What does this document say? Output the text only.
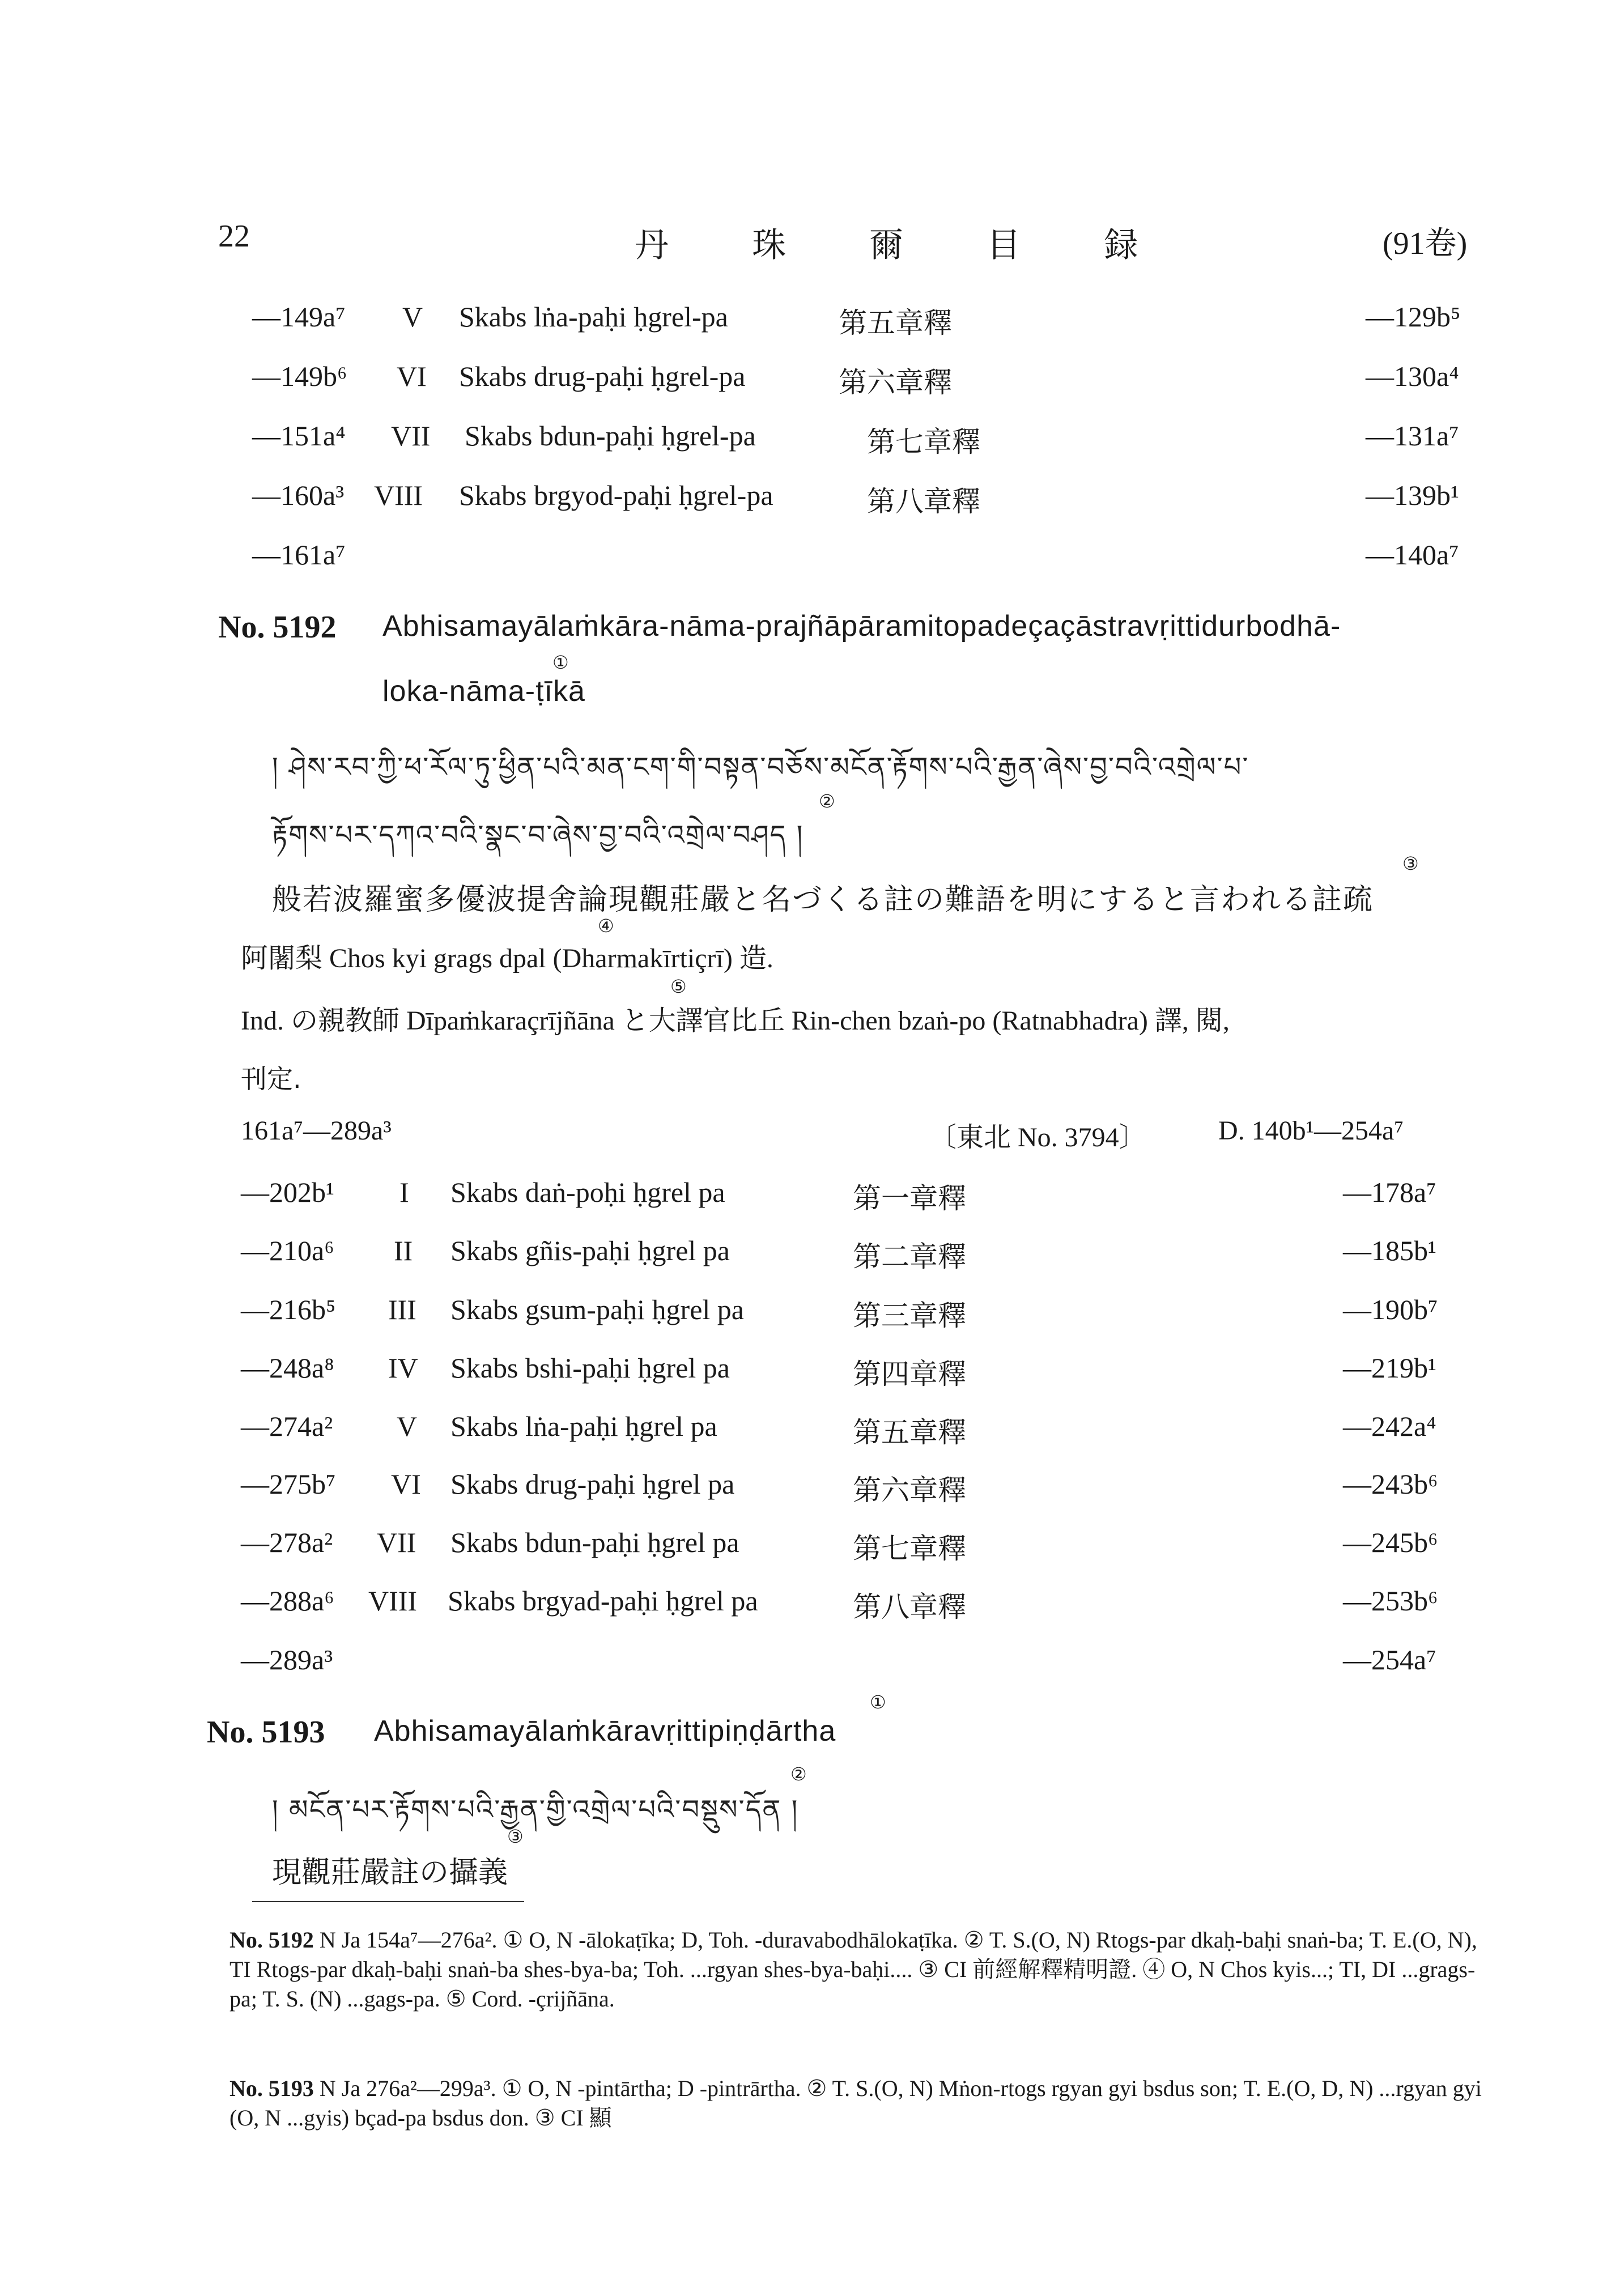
22	丹 珠 爾 目 録	(91卷)
—149a⁷ V Skabs lṅa-paḥi ḥgrel-pa	第五章釋	—129b⁵
—149b⁶ VI Skabs drug-paḥi ḥgrel-pa	第六章釋	—130a⁴
—151a⁴ VII Skabs bdun-paḥi ḥgrel-pa	第七章釋	—131a⁷
—160a³ VIII Skabs brgyod-paḥi ḥgrel-pa	第八章釋	—139b¹
—161a⁷	—140a⁷
No. 5192 Abhisamayālaṁkāra-nāma-prajñāpāramitopadeçaçāstravṛittidurbodhā-
①
loka-nāma-ṭīkā
། ཤེས་རབ་ཀྱི་ཕ་རོལ་ཏུ་ཕྱིན་པའི་མན་ངག་གི་བསྟན་བཅོས་མངོན་རྟོགས་པའི་རྒྱན་ཞེས་བྱ་བའི་འགྲེལ་པ་
རྟོགས་པར་དཀའ་བའི་སྣང་བ་ཞེས་བྱ་བའི་འགྲེལ་བཤད །
②
般若波羅蜜多優波提舍論現觀莊嚴と名づくる註の難語を明にすると言われる註疏
③
阿闍梨 Chos kyi grags dpal (Dharmakīrtiçrī) 造.
④
Ind. の親教師 Dīpaṁkaraçrījñāna と大譯官比丘 Rin-chen bzaṅ-po (Ratnabhadra) 譯, 閱,
⑤
刊定.
161a⁷—289a³	〔東北 No. 3794〕	D. 140b¹—254a⁷
—202b¹ I Skabs daṅ-poḥi ḥgrel pa	第一章釋	—178a⁷
—210a⁶ II Skabs gñis-paḥi ḥgrel pa	第二章釋	—185b¹
—216b⁵ III Skabs gsum-paḥi ḥgrel pa	第三章釋	—190b⁷
—248a⁸ IV Skabs bshi-paḥi ḥgrel pa	第四章釋	—219b¹
—274a² V Skabs lṅa-paḥi ḥgrel pa	第五章釋	—242a⁴
—275b⁷ VI Skabs drug-paḥi ḥgrel pa	第六章釋	—243b⁶
—278a² VII Skabs bdun-paḥi ḥgrel pa	第七章釋	—245b⁶
—288a⁶ VIII Skabs brgyad-paḥi ḥgrel pa	第八章釋	—253b⁶
—289a³	—254a⁷
No. 5193 Abhisamayālaṁkāravṛittipiṇḍārtha
①
། མངོན་པར་རྟོགས་པའི་རྒྱན་གྱི་འགྲེལ་པའི་བསྡུས་དོན །
②
現觀莊嚴註の攝義
③
No. 5192 N Ja 154a⁷—276a². ① O, N -ālokaṭīka; D, Toh. -duravabodhālokaṭīka. ② T. S.(O, N) Rtogs-par dkaḥ-baḥi snaṅ-ba; T. E.(O, N), TI Rtogs-par dkaḥ-baḥi snaṅ-ba shes-bya-ba; Toh. ...rgyan shes-bya-baḥi.... ③ CI 前經解釋精明證. ④ O, N Chos kyis...; TI, DI ...grags-pa; T. S. (N) ...gags-pa. ⑤ Cord. -çrijñāna.
No. 5193 N Ja 276a²—299a³. ① O, N -pintārtha; D -pintrārtha. ② T. S.(O, N) Mṅon-rtogs rgyan gyi bsdus son; T. E.(O, D, N) ...rgyan gyi (O, N ...gyis) bçad-pa bsdus don. ③ CI 顯
